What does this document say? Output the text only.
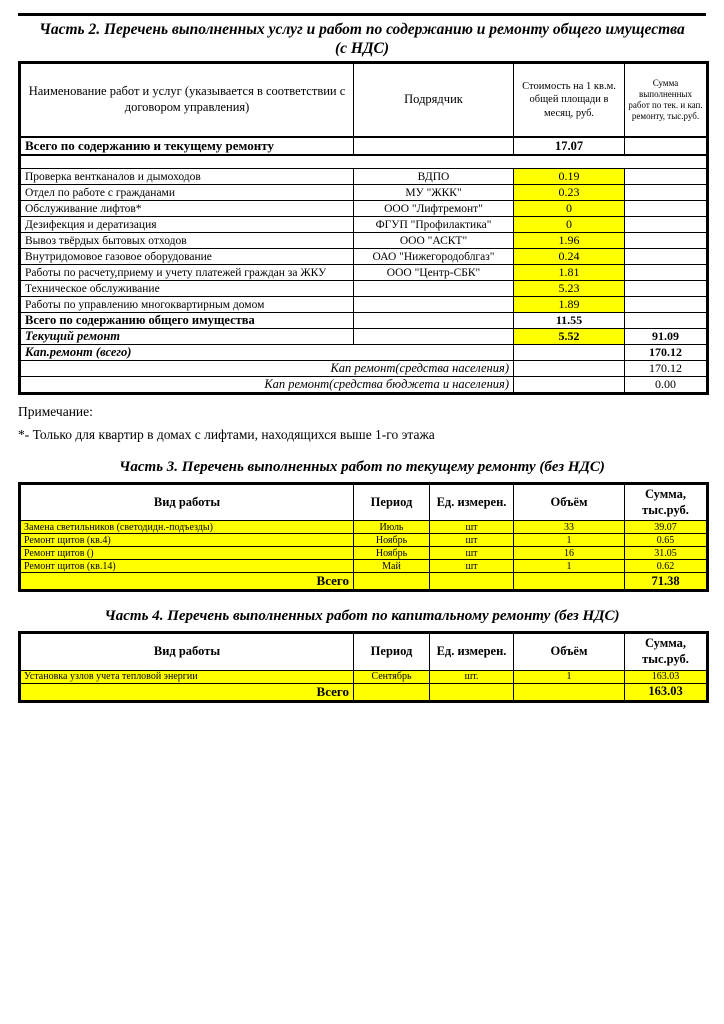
Часть 2. Перечень выполненных услуг и работ по содержанию и ремонту общего имущества
(с НДС)
Наименование работ и услуг (указывается в соответствии с договором управления)	Подрядчик	Стоимость на 1 кв.м. общей площади в месяц, руб.	Сумма выполненных работ по тек. и кап. ремонту, тыс.руб.
Всего по содержанию и текущему ремонту		17.07	

Проверка вентканалов и дымоходов	ВДПО	0.19	
Отдел по работе с гражданами	МУ "ЖКК"	0.23	
Обслуживание лифтов*	ООО "Лифтремонт"	0	
Дезифекция и дератизация	ФГУП "Профилактика"	0	
Вывоз твёрдых бытовых отходов	ООО "АСКТ"	1.96	
Внутридомовое газовое оборудование	ОАО "Нижегородоблгаз"	0.24	
Работы по расчету,приему и учету платежей граждан за ЖКУ	ООО "Центр-СБК"	1.81	
Техническое обслуживание		5.23	
Работы по управлению многоквартирным домом		1.89	
Всего по содержанию общего имущества		11.55	
Текущий ремонт		5.52	91.09
Кап.ремонт (всего)			170.12
Кап ремонт(средства населения)			170.12
Кап ремонт(средства бюджета и населения)			0.00
Примечание:
*- Только для квартир в домах с лифтами, находящихся выше 1-го этажа
Часть 3. Перечень выполненных работ по текущему ремонту (без НДС)
Вид работы	Период	Ед. измерен.	Объём	Сумма, тыс.руб.
Замена светильников (светодидн.-подъезды)	Июль	шт	33	39.07
Ремонт щитов (кв.4)	Ноябрь	шт	1	0.65
Ремонт щитов ()	Ноябрь	шт	16	31.05
Ремонт щитов (кв.14)	Май	шт	1	0.62
Всего				71.38
Часть 4. Перечень выполненных работ по капитальному ремонту (без НДС)
Вид работы	Период	Ед. измерен.	Объём	Сумма, тыс.руб.
Установка узлов учета тепловой энергии	Сентябрь	шт.	1	163.03
Всего				163.03
